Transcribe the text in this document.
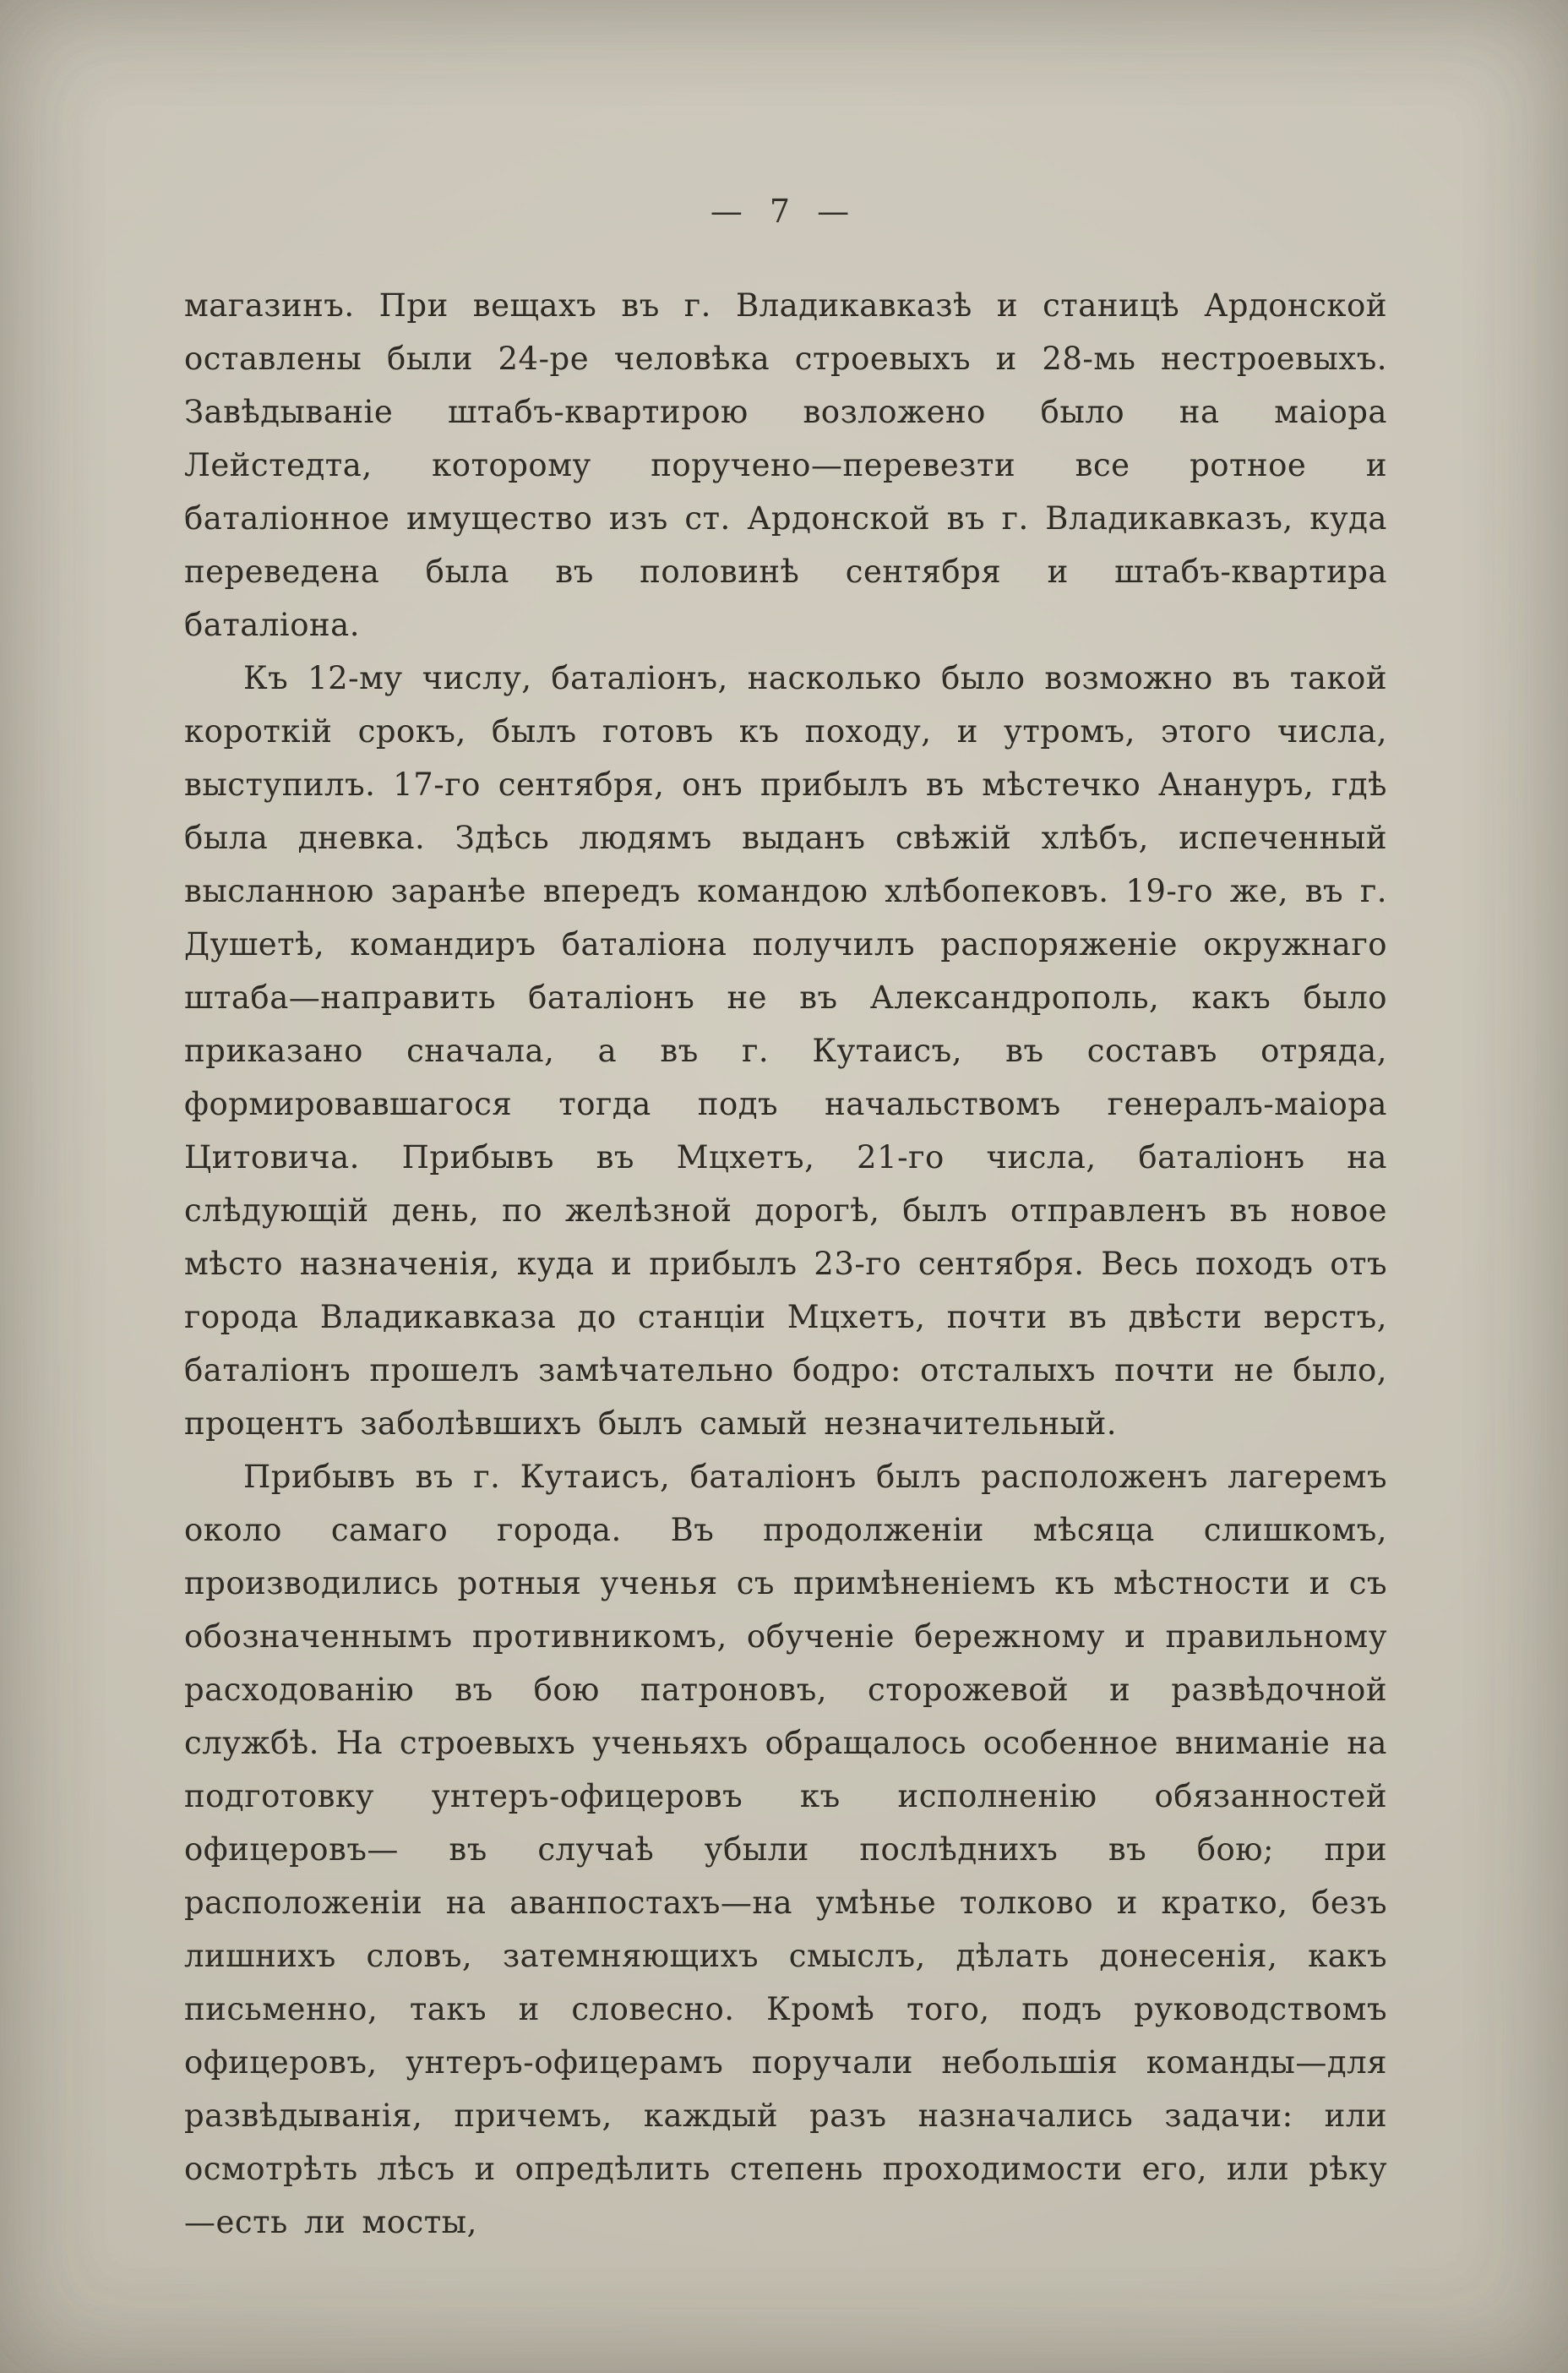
— 7 —

магазинъ. При вещахъ въ г. Владикавказѣ и станицѣ Ардонской оставлены были 24-ре человѣка строевыхъ и 28-мь нестроевыхъ. Завѣдываніе штабъ-квартирою возложено было на маіора Лейстедта, которому поручено—перевезти все ротное и баталіонное имущество изъ ст. Ардонской въ г. Владикавказъ, куда переведена была въ половинѣ сентября и штабъ-квартира баталіона.

Къ 12-му числу, баталіонъ, насколько было возможно въ такой короткій срокъ, былъ готовъ къ походу, и утромъ, этого числа, выступилъ. 17-го сентября, онъ прибылъ въ мѣстечко Анануръ, гдѣ была дневка. Здѣсь людямъ выданъ свѣжій хлѣбъ, испеченный высланною заранѣе впередъ командою хлѣбопековъ. 19-го же, въ г. Душетѣ, командиръ баталіона получилъ распоряженіе окружнаго штаба—направить баталіонъ не въ Александрополь, какъ было приказано сначала, а въ г. Кутаисъ, въ составъ отряда, формировавшагося тогда подъ начальствомъ генералъ-маіора Цитовича. Прибывъ въ Мцхетъ, 21-го числа, баталіонъ на слѣдующій день, по желѣзной дорогѣ, былъ отправленъ въ новое мѣсто назначенія, куда и прибылъ 23-го сентября. Весь походъ отъ города Владикавказа до станціи Мцхетъ, почти въ двѣсти верстъ, баталіонъ прошелъ замѣчательно бодро: отсталыхъ почти не было, процентъ заболѣвшихъ былъ самый незначительный.

Прибывъ въ г. Кутаисъ, баталіонъ былъ расположенъ лагеремъ около самаго города. Въ продолженіи мѣсяца слишкомъ, производились ротныя ученья съ примѣненіемъ къ мѣстности и съ обозначеннымъ противникомъ, обученіе бережному и правильному расходованію въ бою патроновъ, сторожевой и развѣдочной службѣ. На строевыхъ ученьяхъ обращалось особенное вниманіе на подготовку унтеръ-офицеровъ къ исполненію обязанностей офицеровъ— въ случаѣ убыли послѣднихъ въ бою; при расположеніи на аванпостахъ—на умѣнье толково и кратко, безъ лишнихъ словъ, затемняющихъ смыслъ, дѣлать донесенія, какъ письменно, такъ и словесно. Кромѣ того, подъ руководствомъ офицеровъ, унтеръ-офицерамъ поручали небольшія команды—для развѣдыванія, причемъ, каждый разъ назначались задачи: или осмотрѣть лѣсъ и опредѣлить степень проходимости его, или рѣку—есть ли мосты,
